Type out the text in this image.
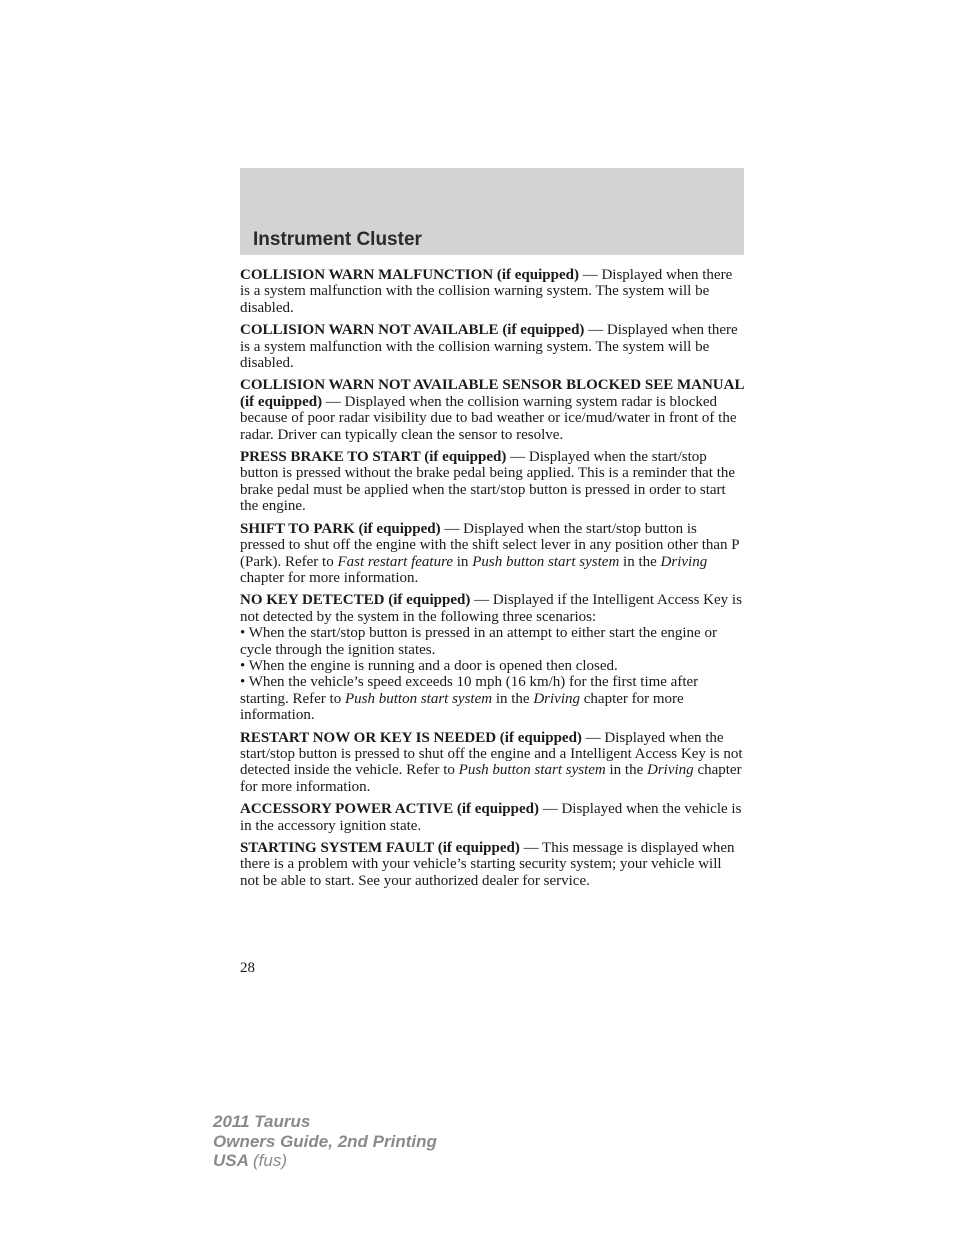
Instrument Cluster

COLLISION WARN MALFUNCTION (if equipped) — Displayed when there is a system malfunction with the collision warning system. The system will be disabled.

COLLISION WARN NOT AVAILABLE (if equipped) — Displayed when there is a system malfunction with the collision warning system. The system will be disabled.

COLLISION WARN NOT AVAILABLE SENSOR BLOCKED SEE MANUAL (if equipped) — Displayed when the collision warning system radar is blocked because of poor radar visibility due to bad weather or ice/mud/water in front of the radar. Driver can typically clean the sensor to resolve.

PRESS BRAKE TO START (if equipped) — Displayed when the start/stop button is pressed without the brake pedal being applied. This is a reminder that the brake pedal must be applied when the start/stop button is pressed in order to start the engine.

SHIFT TO PARK (if equipped) — Displayed when the start/stop button is pressed to shut off the engine with the shift select lever in any position other than P (Park). Refer to Fast restart feature in Push button start system in the Driving chapter for more information.

NO KEY DETECTED (if equipped) — Displayed if the Intelligent Access Key is not detected by the system in the following three scenarios:

• When the start/stop button is pressed in an attempt to either start the engine or cycle through the ignition states.

• When the engine is running and a door is opened then closed.

• When the vehicle’s speed exceeds 10 mph (16 km/h) for the first time after starting. Refer to Push button start system in the Driving chapter for more information.

RESTART NOW OR KEY IS NEEDED (if equipped) — Displayed when the start/stop button is pressed to shut off the engine and a Intelligent Access Key is not detected inside the vehicle. Refer to Push button start system in the Driving chapter for more information.

ACCESSORY POWER ACTIVE (if equipped) — Displayed when the vehicle is in the accessory ignition state.

STARTING SYSTEM FAULT (if equipped) — This message is displayed when there is a problem with your vehicle’s starting security system; your vehicle will not be able to start. See your authorized dealer for service.

28
2011 Taurus
Owners Guide, 2nd Printing
USA (fus)
